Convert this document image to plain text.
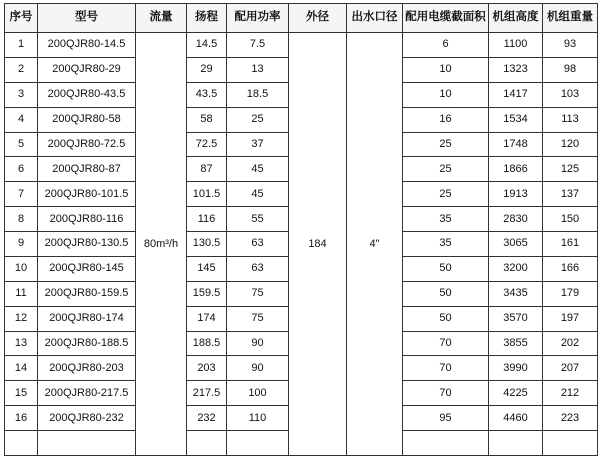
序号	型号	流量	扬程	配用功率	外径	出水口径	配用电缆截面积	机组高度	机组重量
1	200QJR80-14.5	80m³/h	14.5	7.5	184	4"	6	1100	93
2	200QJR80-29		29	13			10	1323	98
3	200QJR80-43.5		43.5	18.5			10	1417	103
4	200QJR80-58		58	25			16	1534	113
5	200QJR80-72.5		72.5	37			25	1748	120
6	200QJR80-87		87	45			25	1866	125
7	200QJR80-101.5		101.5	45			25	1913	137
8	200QJR80-116		116	55			35	2830	150
9	200QJR80-130.5		130.5	63			35	3065	161
10	200QJR80-145		145	63			50	3200	166
11	200QJR80-159.5		159.5	75			50	3435	179
12	200QJR80-174		174	75			50	3570	197
13	200QJR80-188.5		188.5	90			70	3855	202
14	200QJR80-203		203	90			70	3990	207
15	200QJR80-217.5		217.5	100			70	4225	212
16	200QJR80-232		232	110			95	4460	223
